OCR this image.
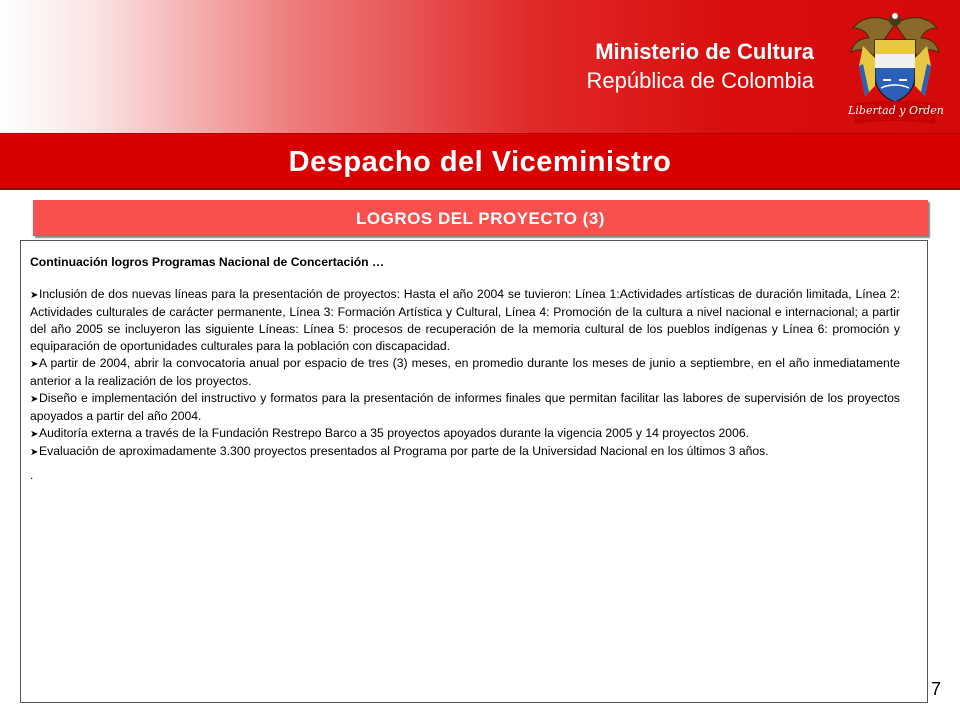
Ministerio de Cultura
República de Colombia
Libertad y Orden
Despacho del Viceministro
LOGROS DEL PROYECTO (3)

Continuación logros Programas Nacional de Concertación …

➤Inclusión de dos nuevas líneas para la presentación de proyectos: Hasta el año 2004 se tuvieron: Línea 1:Actividades artísticas de duración limitada, Línea 2: Actividades culturales de carácter permanente, Línea 3: Formación Artística y Cultural, Línea 4: Promoción de la cultura a nivel nacional e internacional; a partir del año 2005 se incluyeron las siguiente Líneas: Línea 5: procesos de recuperación de la memoria cultural de los pueblos indígenas y Línea 6: promoción y equiparación de oportunidades culturales para la población con discapacidad.

➤A partir de 2004, abrir la convocatoria anual por espacio de tres (3) meses, en promedio durante los meses de junio a septiembre, en el año inmediatamente anterior a la realización de los proyectos.

➤Diseño e implementación del instructivo y formatos para la presentación de informes finales que permitan facilitar las labores de supervisión de los proyectos apoyados a partir del año 2004.

➤Auditoría externa a través de la Fundación Restrepo Barco a 35 proyectos apoyados durante la vigencia 2005 y 14 proyectos 2006.

➤Evaluación de aproximadamente 3.300 proyectos presentados al Programa por parte de la Universidad Nacional en los últimos 3 años.

.

7
